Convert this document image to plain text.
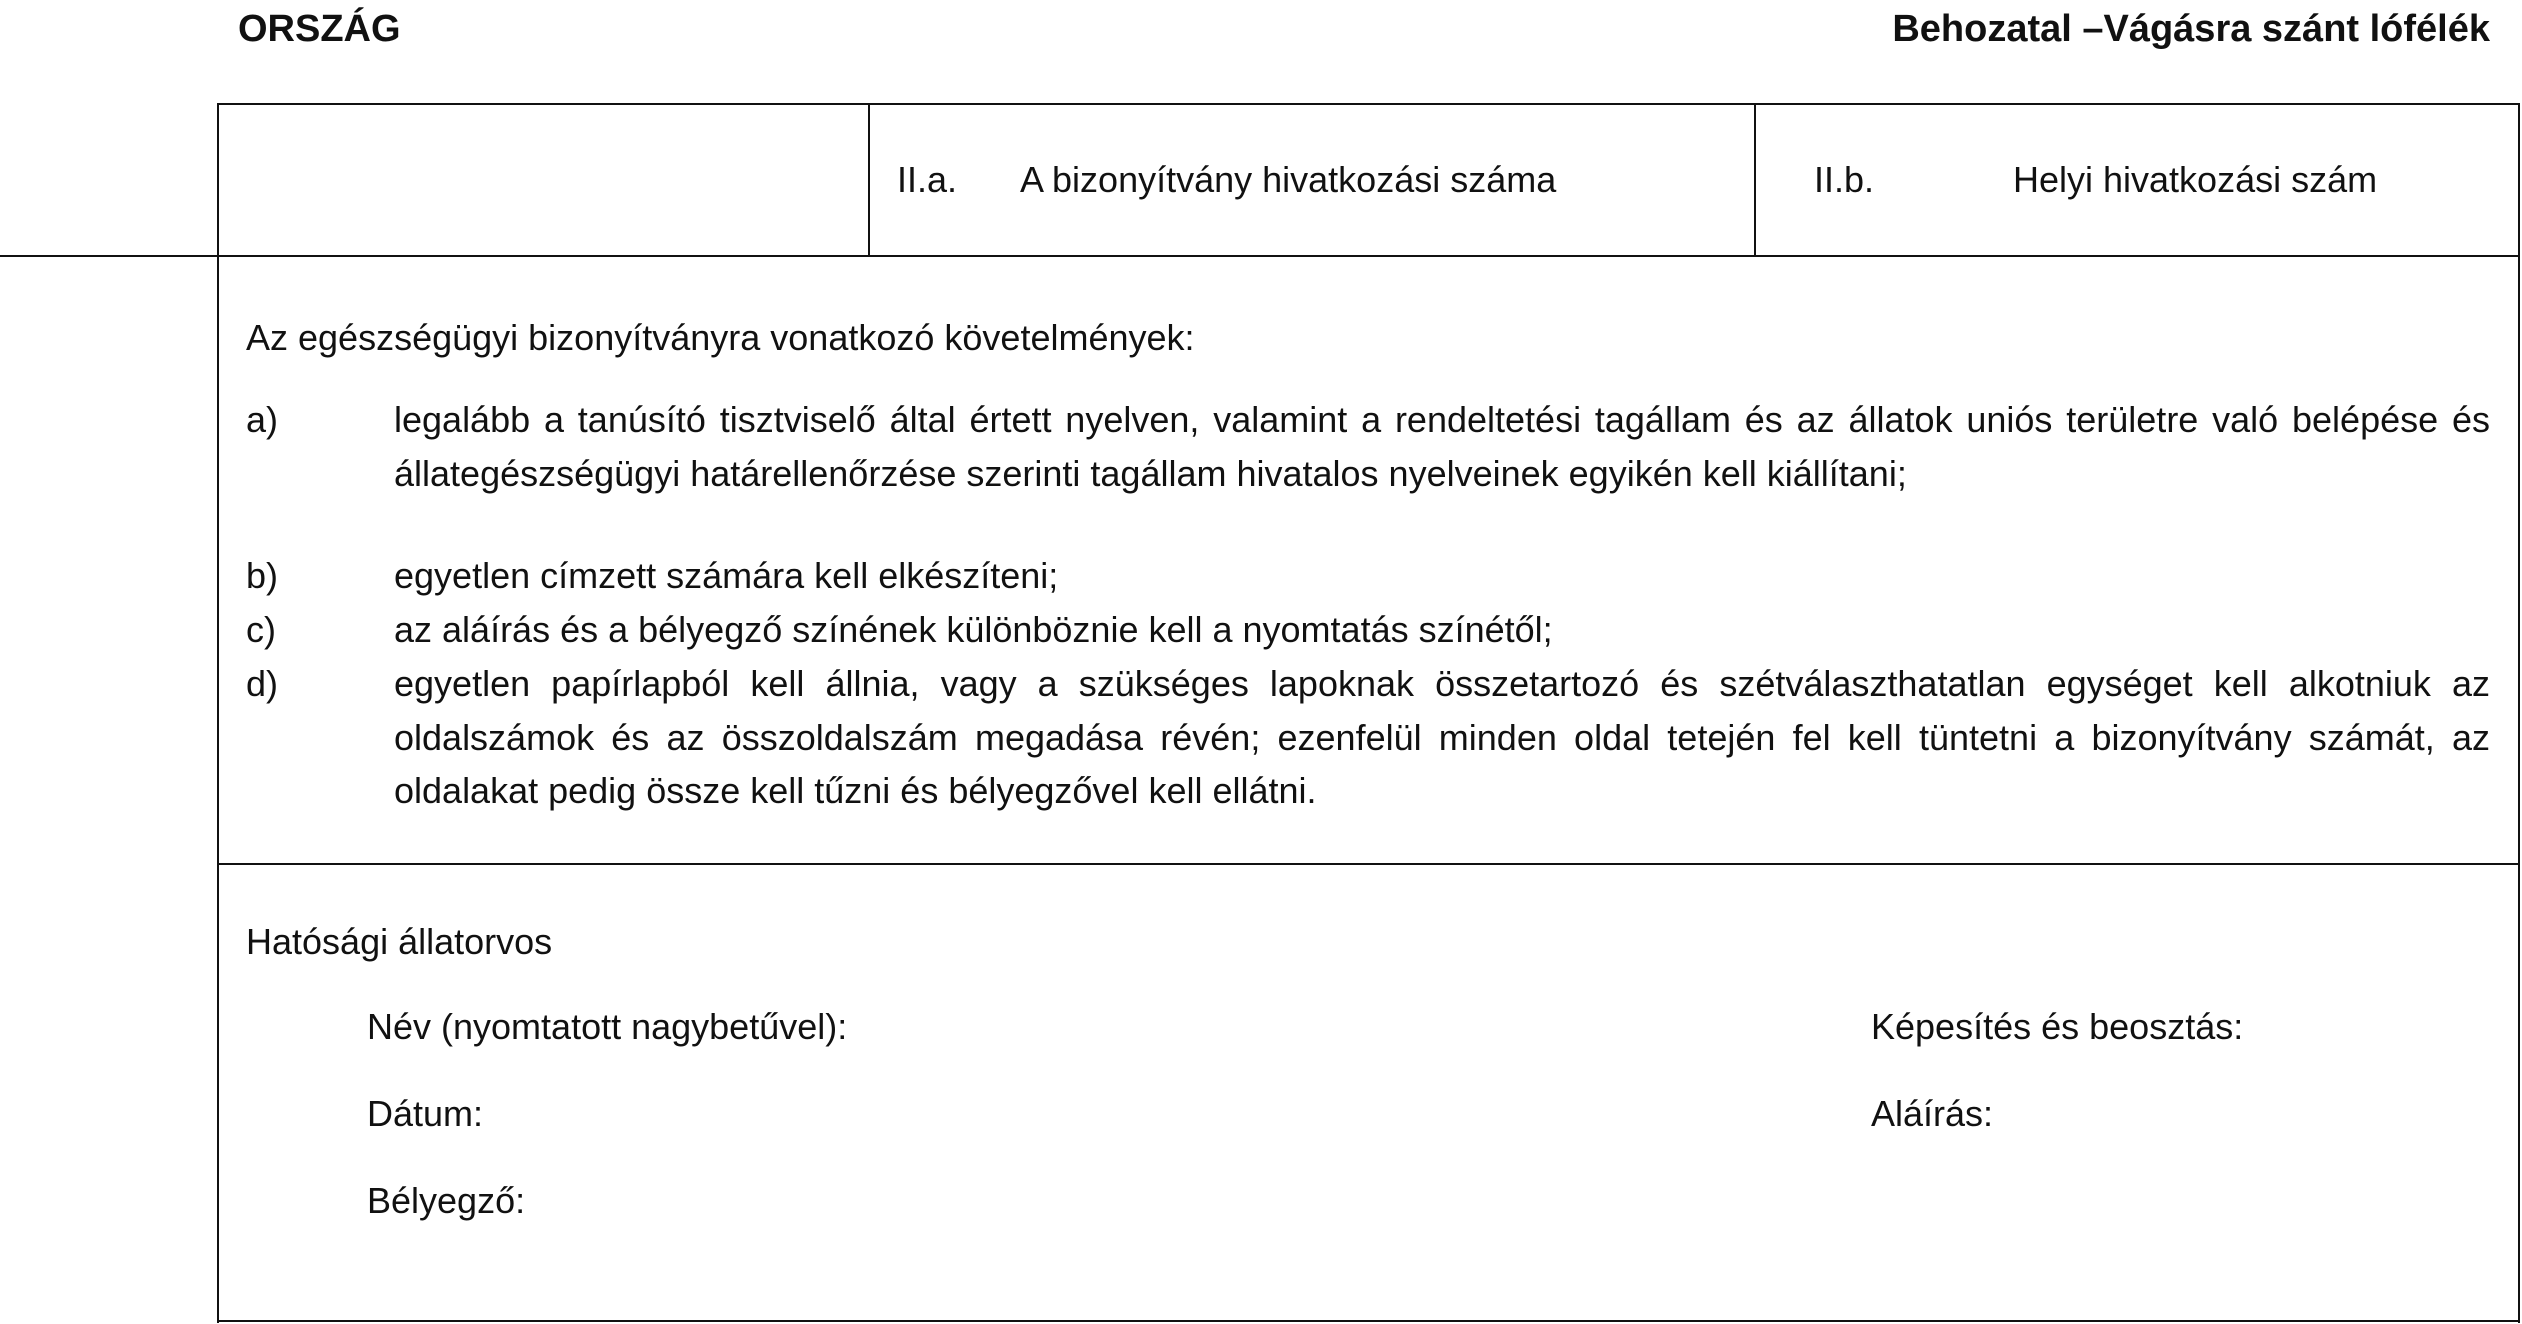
ORSZÁG	Behozatal –Vágásra szánt lófélék
II.a. A bizonyítvány hivatkozási száma	II.b.	Helyi hivatkozási szám
Az egészségügyi bizonyítványra vonatkozó követelmények:
a)	legalább a tanúsító tisztviselő által értett nyelven, valamint a rendeltetési tagállam és az állatok uniós területre való belépése és állategészségügyi határellenőrzése szerinti tagállam hivatalos nyelveinek egyikén kell kiállítani;
b)	egyetlen címzett számára kell elkészíteni;
c)	az aláírás és a bélyegző színének különböznie kell a nyomtatás színétől;
d)	egyetlen papírlapból kell állnia, vagy a szükséges lapoknak összetartozó és szétválaszthatatlan egységet kell alkotniuk az oldalszámok és az összoldalszám megadása révén; ezenfelül minden oldal tetején fel kell tüntetni a bizonyítvány számát, az oldalakat pedig össze kell tűzni és bélyegzővel kell ellátni.
Hatósági állatorvos
Név (nyomtatott nagybetűvel):	Képesítés és beosztás:
Dátum:	Aláírás:
Bélyegző:
